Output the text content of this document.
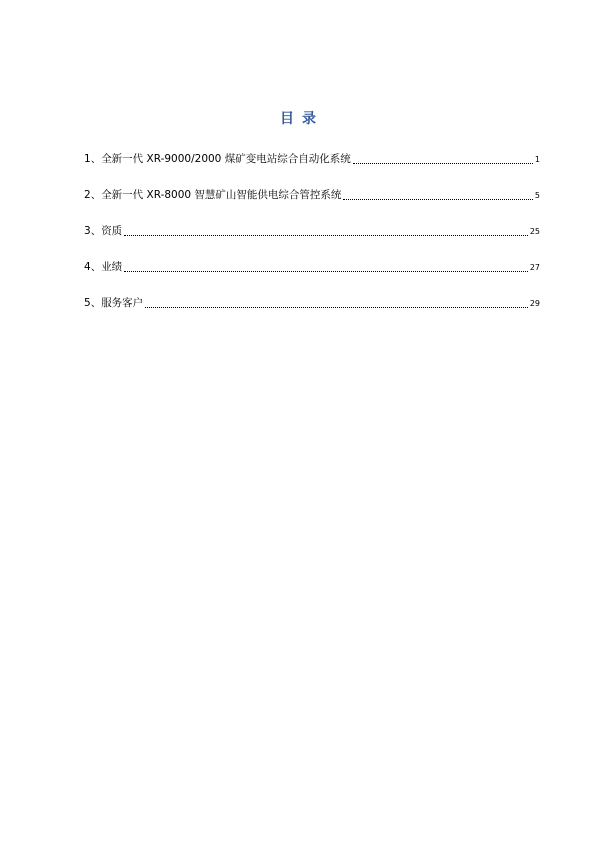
目录
1 、 全新一代 XR-9000/2000 煤矿变电站综合自动化系统	1
2 、 全新一代 XR-8000 智慧矿山智能供电综合管控系统	5
3 、 资质	25
4 、 业绩	27
5 、 服务客户	29
